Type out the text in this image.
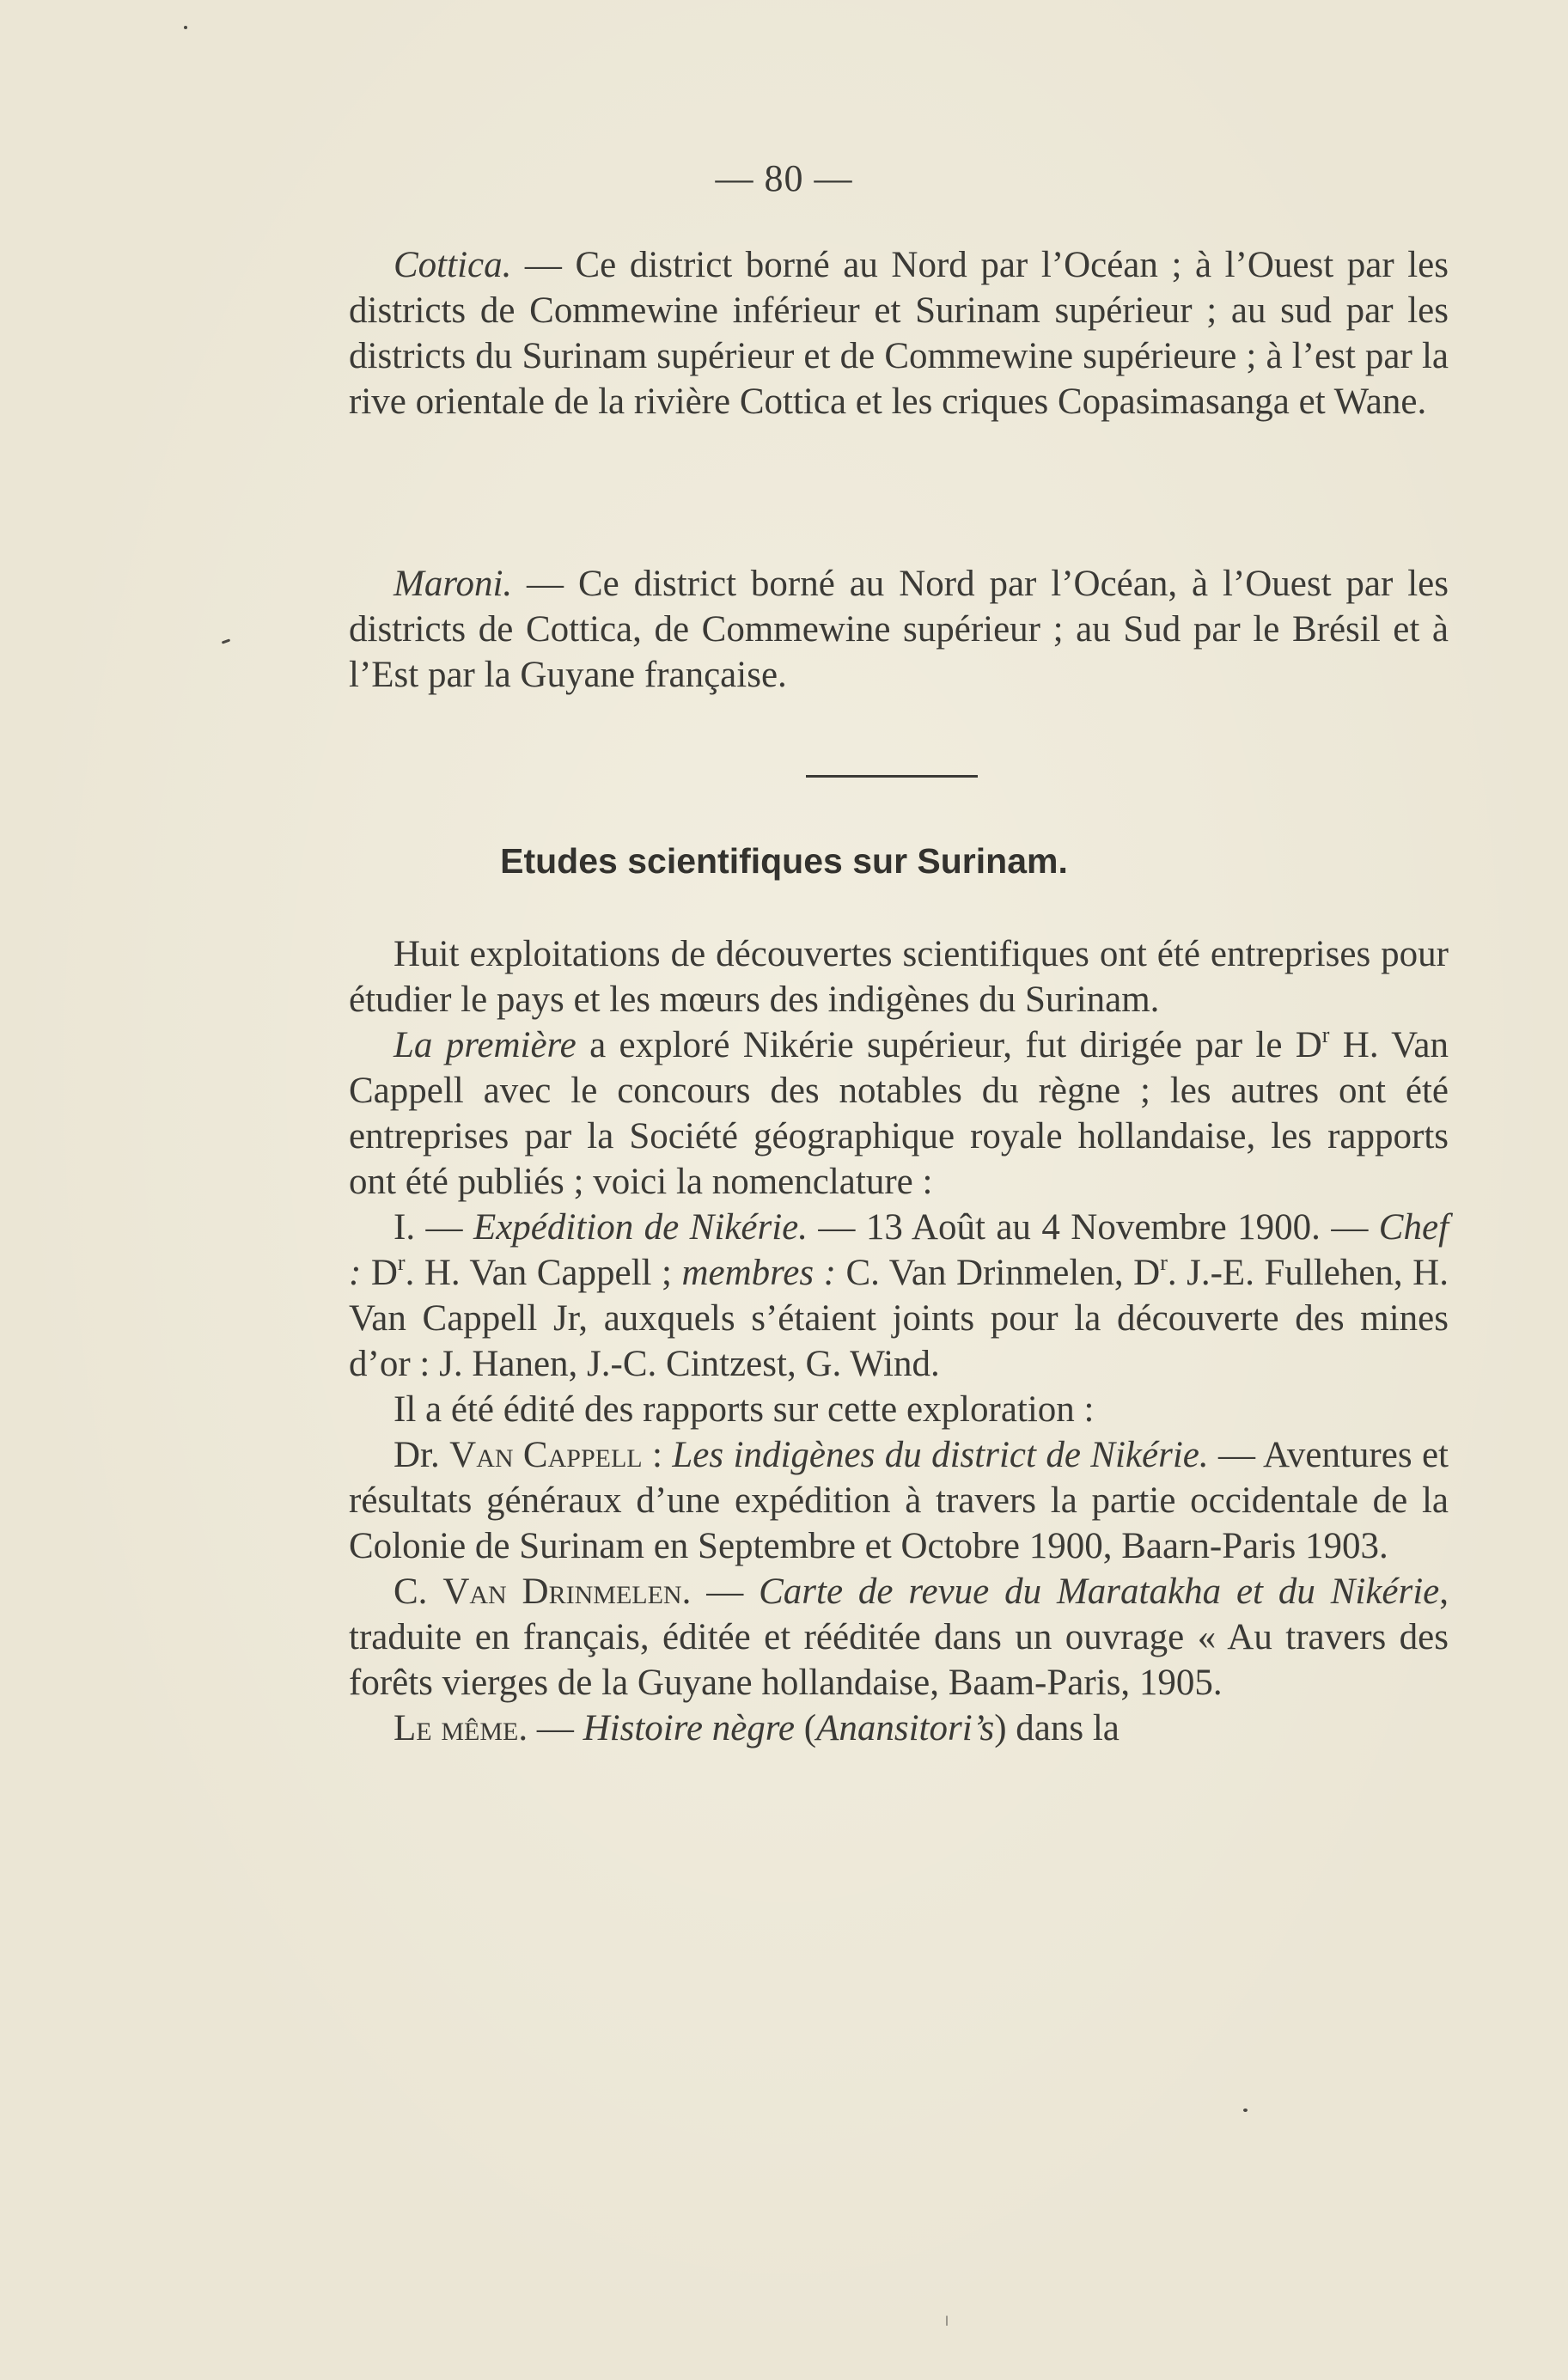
— 80 —

Cottica. — Ce district borné au Nord par l’Océan ; à l’Ouest par les districts de Commewine inférieur et Surinam supérieur ; au sud par les districts du Surinam supérieur et de Commewine supérieure ; à l’est par la rive orientale de la rivière Cottica et les criques Copasimasanga et Wane.

Maroni. — Ce district borné au Nord par l’Océan, à l’Ouest par les districts de Cottica, de Commewine supérieur ; au Sud par le Brésil et à l’Est par la Guyane française.

Etudes scientifiques sur Surinam.

Huit exploitations de découvertes scientifiques ont été entreprises pour étudier le pays et les mœurs des indigènes du Surinam.

La première a exploré Nikérie supérieur, fut dirigée par le $D^r$ H. Van Cappell avec le concours des notables du règne ; les autres ont été entreprises par la Société géographique royale hollandaise, les rapports ont été publiés ; voici la nomenclature :

I. — Expédition de Nikérie. — 13 Août au 4 Novembre 1900. — Chef : $D^r$. H. Van Cappell ; membres : C. Van Drinmelen, $D^r$. J.-E. Fullehen, H. Van Cappell Jr, auxquels s’étaient joints pour la découverte des mines d’or : J. Hanen, J.-C. Cintzest, G. Wind.

Il a été édité des rapports sur cette exploration :

Dr. Van Cappell : Les indigènes du district de Nikérie. — Aventures et résultats généraux d’une expédition à travers la partie occidentale de la Colonie de Surinam en Septembre et Octobre 1900, Baarn-Paris 1903.

C. Van Drinmelen. — Carte de revue du Maratakha et du Nikérie, traduite en français, éditée et rééditée dans un ouvrage « Au travers des forêts vierges de la Guyane hollandaise, Baam-Paris, 1905.

Le même. — Histoire nègre (Anansitori’s) dans la
